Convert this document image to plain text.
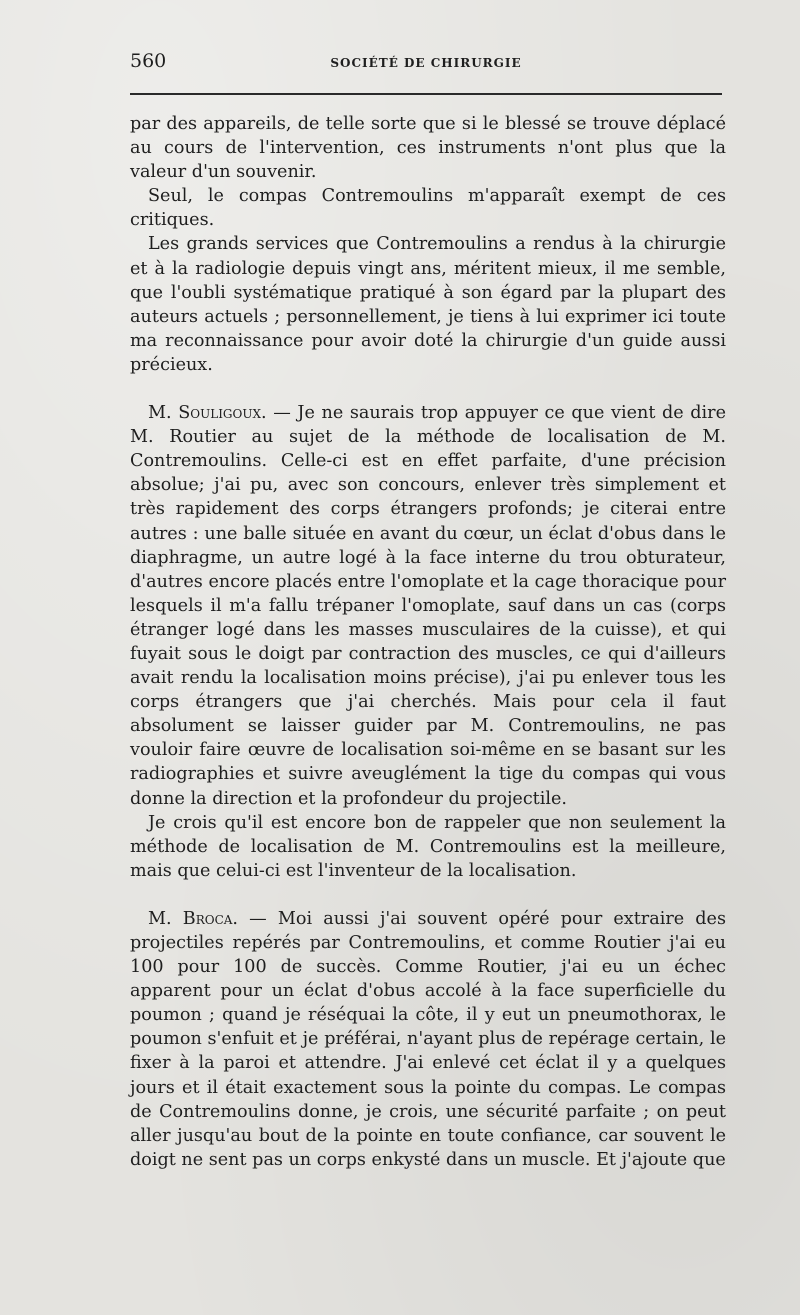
560	SOCIÉTÉ DE CHIRURGIE

par des appareils, de telle sorte que si le blessé se trouve déplacé au cours de l'intervention, ces instruments n'ont plus que la valeur d'un souvenir.

Seul, le compas Contremoulins m'apparaît exempt de ces critiques.

Les grands services que Contremoulins a rendus à la chirurgie et à la radiologie depuis vingt ans, méritent mieux, il me semble, que l'oubli systématique pratiqué à son égard par la plupart des auteurs actuels ; personnellement, je tiens à lui exprimer ici toute ma reconnaissance pour avoir doté la chirurgie d'un guide aussi précieux.

M. Souligoux. — Je ne saurais trop appuyer ce que vient de dire M. Routier au sujet de la méthode de localisation de M. Contremoulins. Celle-ci est en effet parfaite, d'une précision absolue; j'ai pu, avec son concours, enlever très simplement et très rapidement des corps étrangers profonds; je citerai entre autres : une balle située en avant du cœur, un éclat d'obus dans le diaphragme, un autre logé à la face interne du trou obturateur, d'autres encore placés entre l'omoplate et la cage thoracique pour lesquels il m'a fallu trépaner l'omoplate, sauf dans un cas (corps étranger logé dans les masses musculaires de la cuisse), et qui fuyait sous le doigt par contraction des muscles, ce qui d'ailleurs avait rendu la localisation moins précise), j'ai pu enlever tous les corps étrangers que j'ai cherchés. Mais pour cela il faut absolument se laisser guider par M. Contremoulins, ne pas vouloir faire œuvre de localisation soi-même en se basant sur les radiographies et suivre aveuglément la tige du compas qui vous donne la direction et la profondeur du projectile.

Je crois qu'il est encore bon de rappeler que non seulement la méthode de localisation de M. Contremoulins est la meilleure, mais que celui-ci est l'inventeur de la localisation.

M. Broca. — Moi aussi j'ai souvent opéré pour extraire des projectiles repérés par Contremoulins, et comme Routier j'ai eu 100 pour 100 de succès. Comme Routier, j'ai eu un échec apparent pour un éclat d'obus accolé à la face superficielle du poumon ; quand je réséquai la côte, il y eut un pneumothorax, le poumon s'enfuit et je préférai, n'ayant plus de repérage certain, le fixer à la paroi et attendre. J'ai enlevé cet éclat il y a quelques jours et il était exactement sous la pointe du compas. Le compas de Contremoulins donne, je crois, une sécurité parfaite ; on peut aller jusqu'au bout de la pointe en toute confiance, car souvent le doigt ne sent pas un corps enkysté dans un muscle. Et j'ajoute que
